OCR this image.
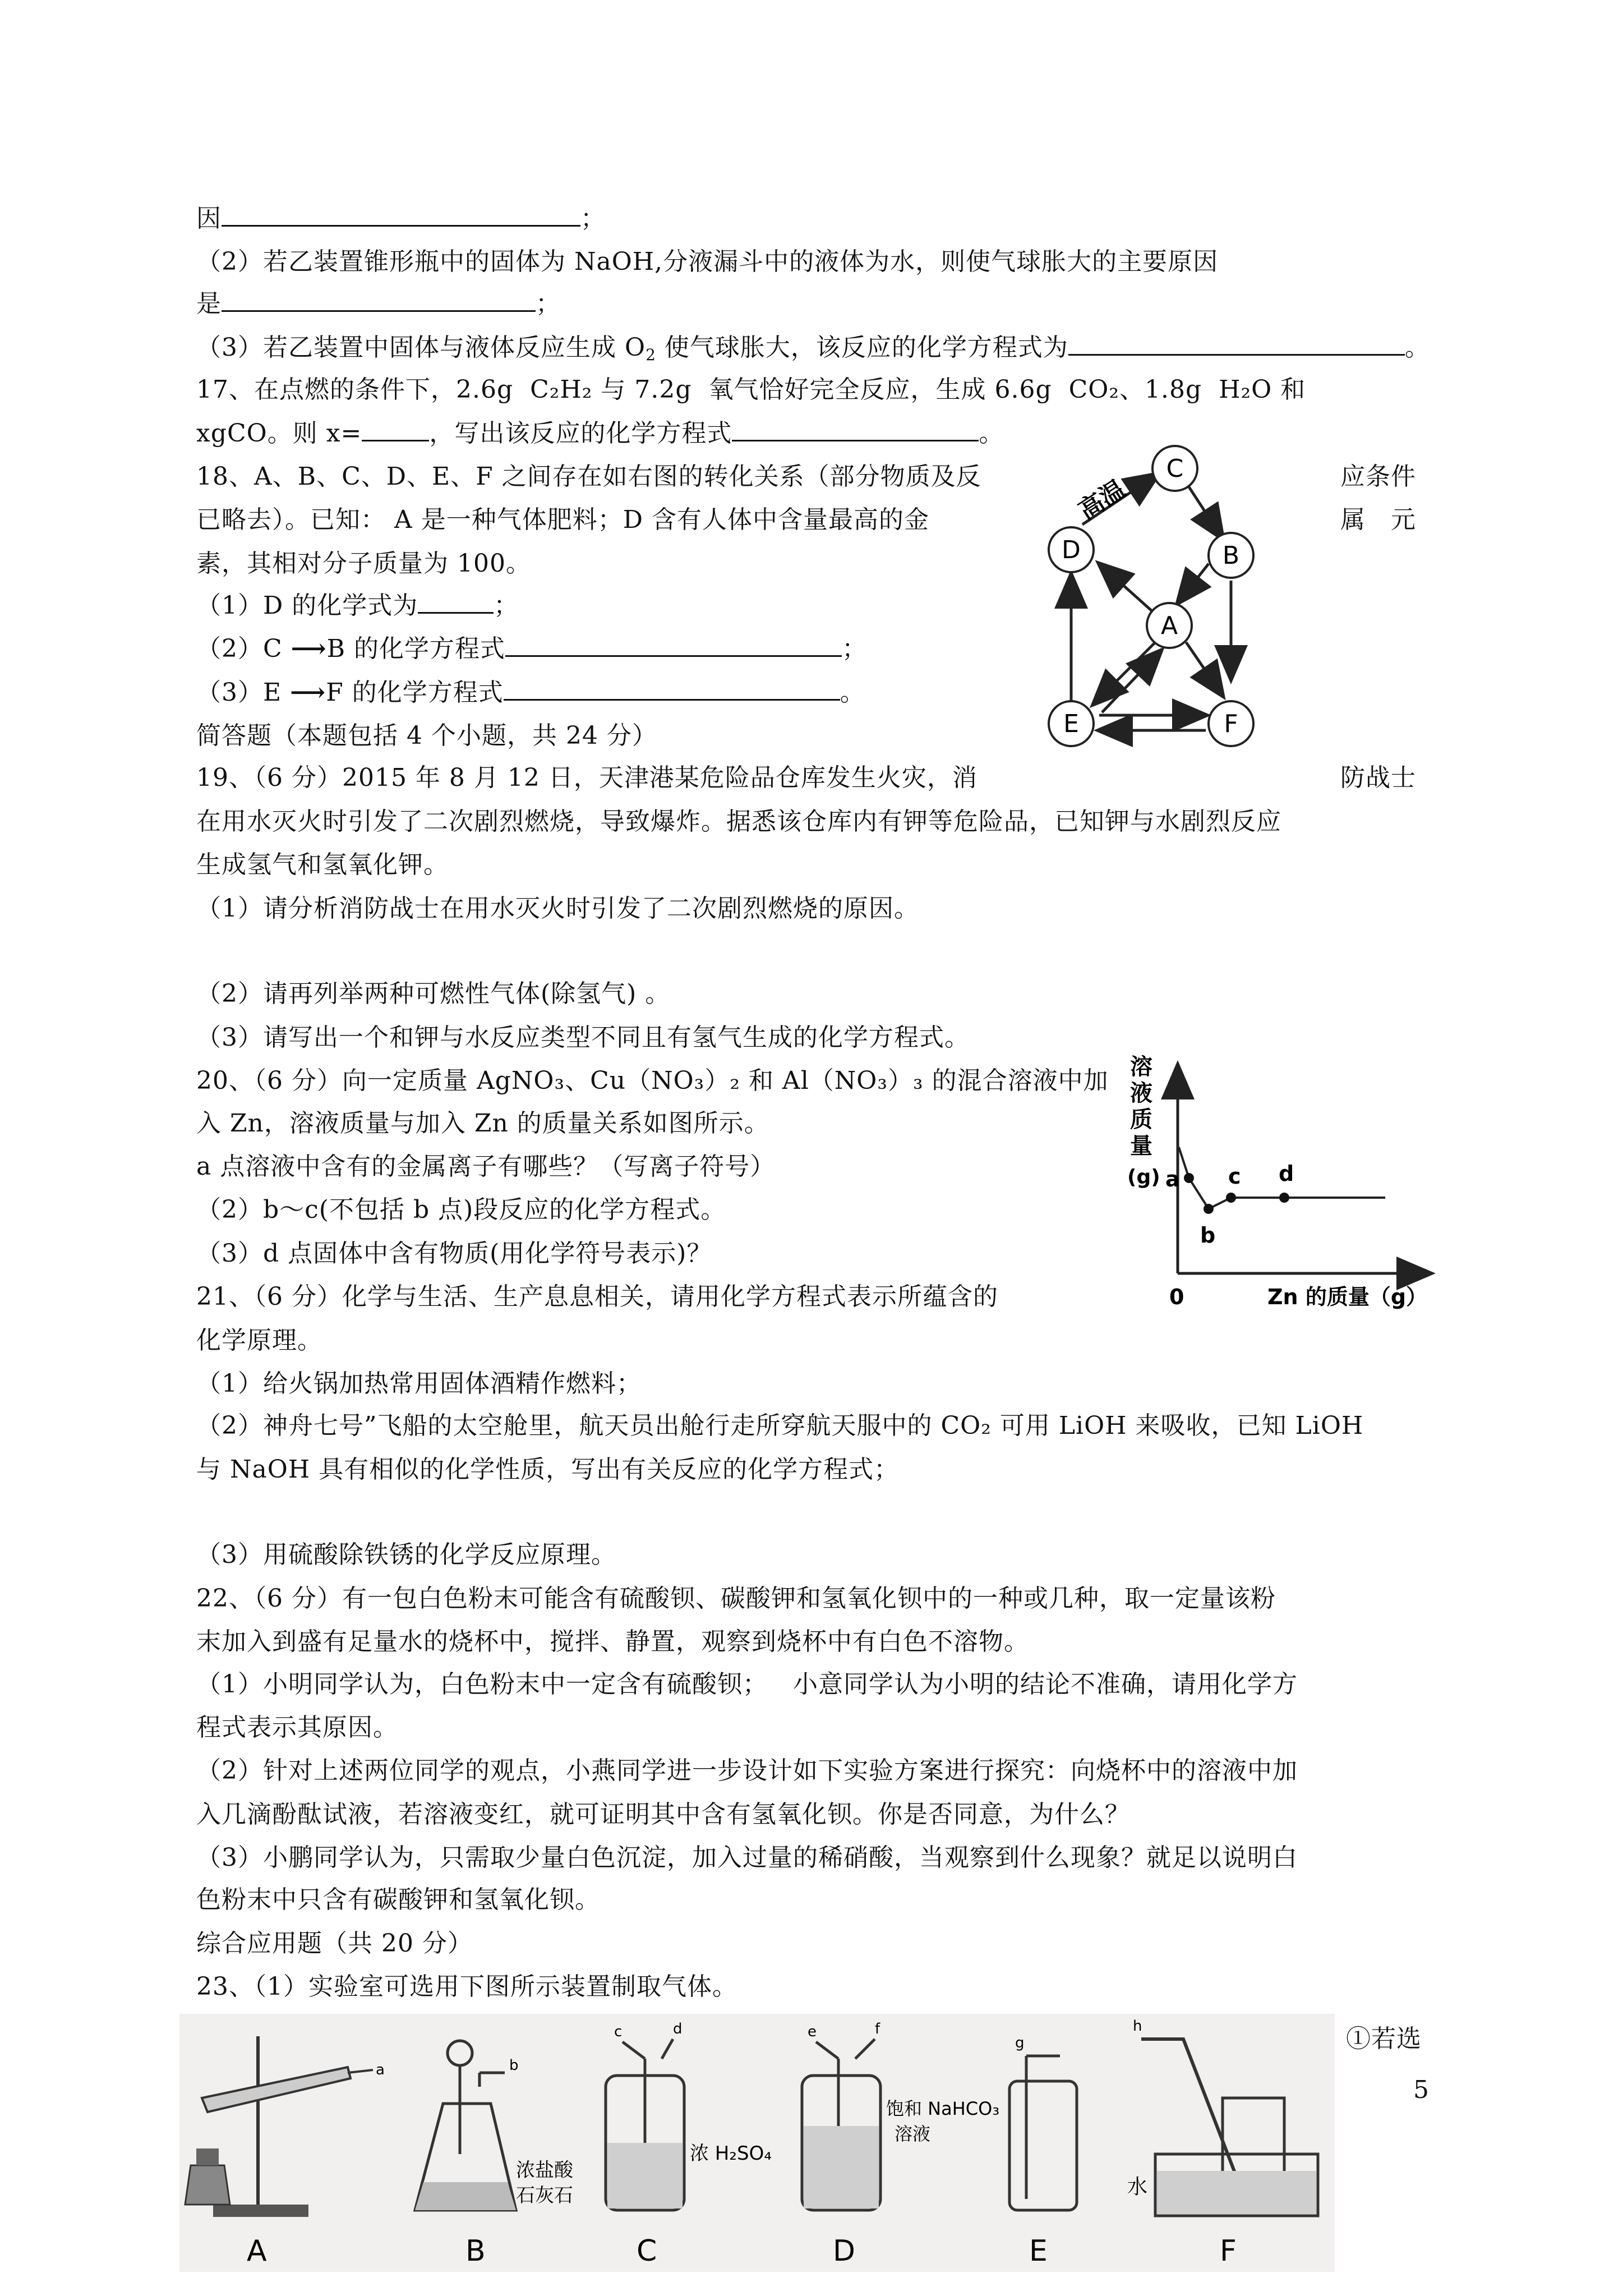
因	；
（2）若乙装置锥形瓶中的固体为 NaOH,分液漏斗中的液体为水，则使气球胀大的主要原因
是	；
（3）若乙装置中固体与液体反应生成 $O_2$ 使气球胀大，该反应的化学方程式为	。
17、在点燃的条件下，2.6g  C₂H₂ 与 7.2g  氧气恰好完全反应，生成 6.6g  CO₂、1.8g  H₂O 和
xgCO。则 x=	，写出该反应的化学方程式	。
18、A、B、C、D、E、F 之间存在如右图的转化关系（部分物质及反	应条件
已略去）。已知： A 是一种气体肥料；D 含有人体中含量最高的金	属   元
素，其相对分子质量为 100。
（1）D 的化学式为	；
（2）C ⟶B 的化学方程式	；
（3）E ⟶F 的化学方程式	。
高温
C
D	B
A
E	F
简答题（本题包括 4 个小题，共 24 分）
19、（6 分）2015 年 8 月 12 日，天津港某危险品仓库发生火灾，消	防战士
在用水灭火时引发了二次剧烈燃烧，导致爆炸。据悉该仓库内有钾等危险品，已知钾与水剧烈反应
生成氢气和氢氧化钾。
（1）请分析消防战士在用水灭火时引发了二次剧烈燃烧的原因。
（2）请再列举两种可燃性气体(除氢气) 。
（3）请写出一个和钾与水反应类型不同且有氢气生成的化学方程式。
20、（6 分）向一定质量 AgNO₃、Cu（NO₃）₂ 和 Al（NO₃）₃ 的混合溶液中加
入 Zn，溶液质量与加入 Zn 的质量关系如图所示。
a 点溶液中含有的金属离子有哪些？（写离子符号）
（2）b～c(不包括 b 点)段反应的化学方程式。
（3）d 点固体中含有物质(用化学符号表示)？
溶
液
质
量
(g) a
b
c d
0	Zn 的质量（g）
21、（6 分）化学与生活、生产息息相关，请用化学方程式表示所蕴含的
化学原理。
（1）给火锅加热常用固体酒精作燃料；
（2）神舟七号”飞船的太空舱里，航天员出舱行走所穿航天服中的 CO₂ 可用 LiOH 来吸收，已知 LiOH
与 NaOH 具有相似的化学性质，写出有关反应的化学方程式；
（3）用硫酸除铁锈的化学反应原理。
22、（6 分）有一包白色粉末可能含有硫酸钡、碳酸钾和氢氧化钡中的一种或几种，取一定量该粉
末加入到盛有足量水的烧杯中，搅拌、静置，观察到烧杯中有白色不溶物。
（1）小明同学认为，白色粉末中一定含有硫酸钡；   小意同学认为小明的结论不准确，请用化学方
程式表示其原因。
（2）针对上述两位同学的观点，小燕同学进一步设计如下实验方案进行探究：向烧杯中的溶液中加
入几滴酚酞试液，若溶液变红，就可证明其中含有氢氧化钡。你是否同意，为什么？
（3）小鹏同学认为，只需取少量白色沉淀，加入过量的稀硝酸，当观察到什么现象？就足以说明白
色粉末中只含有碳酸钾和氢氧化钡。
综合应用题（共 20 分）
23、（1）实验室可选用下图所示装置制取气体。
①若选
a
A
b
浓盐酸
石灰石
B
c	d
浓 H₂SO₄
C
e	f
饱和 NaHCO₃
溶液
D
g
E
h
水
F
5
